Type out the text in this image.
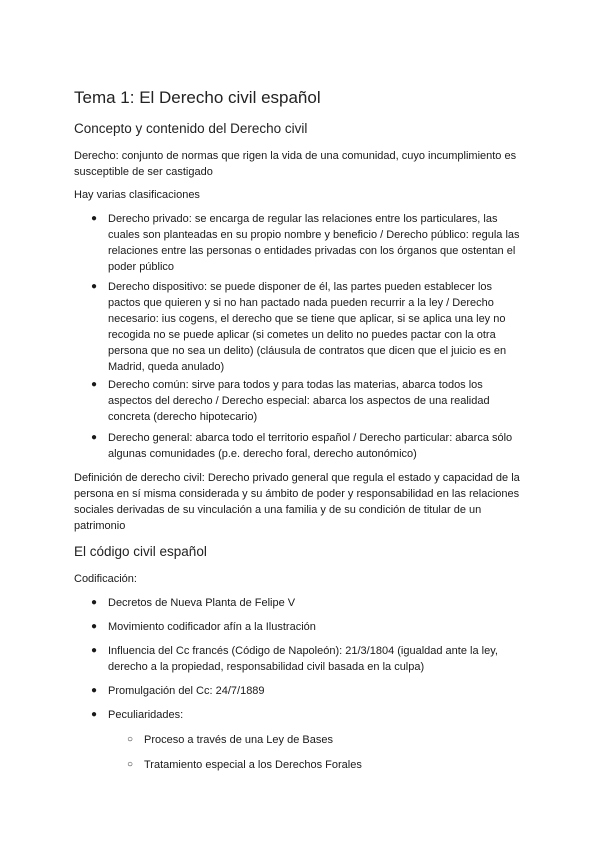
Tema 1: El Derecho civil español
Concepto y contenido del Derecho civil

Derecho: conjunto de normas que rigen la vida de una comunidad, cuyo incumplimiento es susceptible de ser castigado

Hay varias clasificaciones

● Derecho privado: se encarga de regular las relaciones entre los particulares, las cuales son planteadas en su propio nombre y beneficio / Derecho público: regula las relaciones entre las personas o entidades privadas con los órganos que ostentan el poder público
● Derecho dispositivo: se puede disponer de él, las partes pueden establecer los pactos que quieren y si no han pactado nada pueden recurrir a la ley / Derecho necesario: ius cogens, el derecho que se tiene que aplicar, si se aplica una ley no recogida no se puede aplicar (si cometes un delito no puedes pactar con la otra persona que no sea un delito) (cláusula de contratos que dicen que el juicio es en Madrid, queda anulado)
● Derecho común: sirve para todos y para todas las materias, abarca todos los aspectos del derecho / Derecho especial: abarca los aspectos de una realidad concreta (derecho hipotecario)
● Derecho general: abarca todo el territorio español / Derecho particular: abarca sólo algunas comunidades (p.e. derecho foral, derecho autonómico)

Definición de derecho civil: Derecho privado general que regula el estado y capacidad de la persona en sí misma considerada y su ámbito de poder y responsabilidad en las relaciones sociales derivadas de su vinculación a una familia y de su condición de titular de un patrimonio

El código civil español

Codificación:

● Decretos de Nueva Planta de Felipe V
● Movimiento codificador afín a la Ilustración
● Influencia del Cc francés (Código de Napoleón): 21/3/1804 (igualdad ante la ley, derecho a la propiedad, responsabilidad civil basada en la culpa)
● Promulgación del Cc: 24/7/1889
● Peculiaridades:
○ Proceso a través de una Ley de Bases
○ Tratamiento especial a los Derechos Forales
